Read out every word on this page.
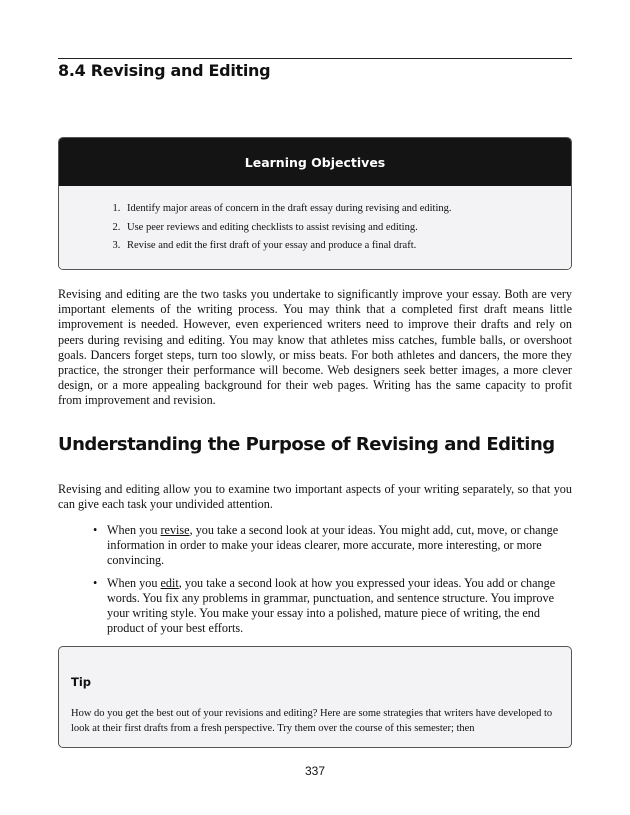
8.4 Revising and Editing
Learning Objectives
1. Identify major areas of concern in the draft essay during revising and editing.
2. Use peer reviews and editing checklists to assist revising and editing.
3. Revise and edit the first draft of your essay and produce a final draft.

Revising and editing are the two tasks you undertake to significantly improve your essay. Both are very important elements of the writing process. You may think that a completed first draft means little improvement is needed. However, even experienced writers need to improve their drafts and rely on peers during revising and editing. You may know that athletes miss catches, fumble balls, or overshoot goals. Dancers forget steps, turn too slowly, or miss beats. For both athletes and dancers, the more they practice, the stronger their performance will become. Web designers seek better images, a more clever design, or a more appealing background for their web pages. Writing has the same capacity to profit from improvement and revision.

Understanding the Purpose of Revising and Editing

Revising and editing allow you to examine two important aspects of your writing separately, so that you can give each task your undivided attention.

• When you revise, you take a second look at your ideas. You might add, cut, move, or change information in order to make your ideas clearer, more accurate, more interesting, or more convincing.
• When you edit, you take a second look at how you expressed your ideas. You add or change words. You fix any problems in grammar, punctuation, and sentence structure. You improve your writing style. You make your essay into a polished, mature piece of writing, the end product of your best efforts.

Tip

How do you get the best out of your revisions and editing? Here are some strategies that writers have developed to look at their first drafts from a fresh perspective. Try them over the course of this semester; then

337
